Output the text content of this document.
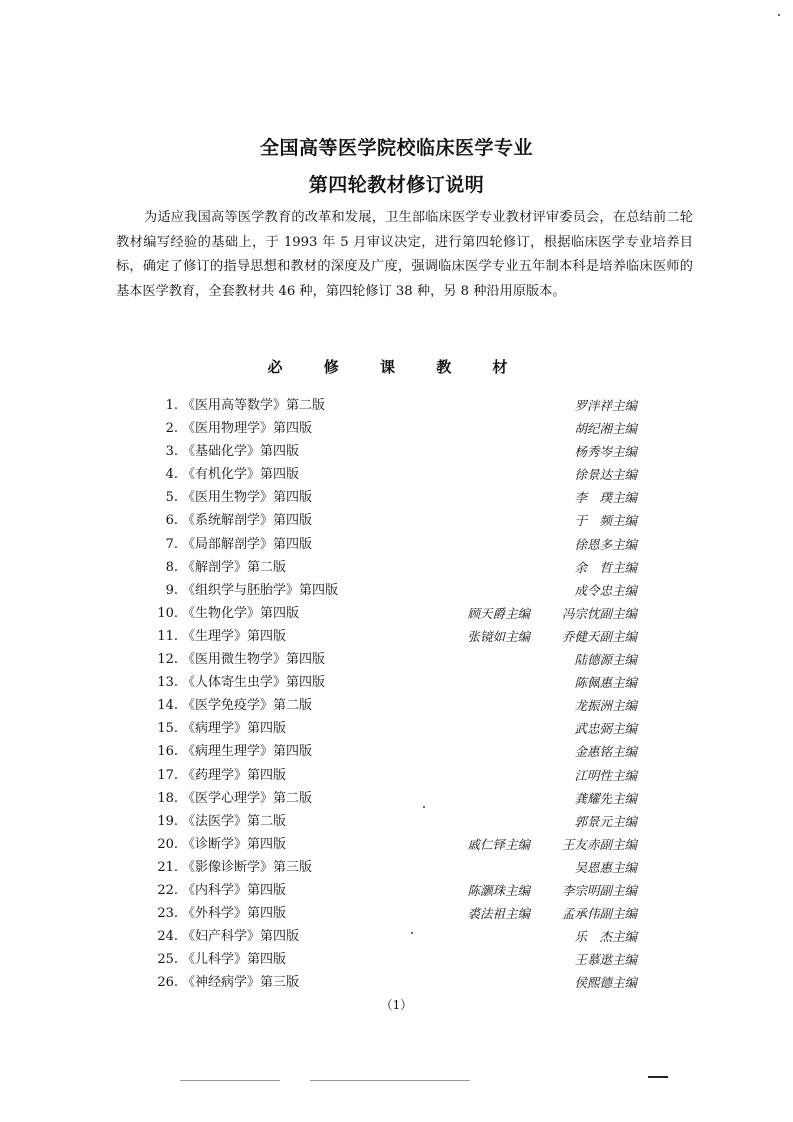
全国高等医学院校临床医学专业
第四轮教材修订说明
为适应我国高等医学教育的改革和发展，卫生部临床医学专业教材评审委员会，在总结前二轮教材编写经验的基础上，于 1993 年 5 月审议决定，进行第四轮修订，根据临床医学专业培养目标，确定了修订的指导思想和教材的深度及广度，强调临床医学专业五年制本科是培养临床医师的基本医学教育，全套教材共 46 种，第四轮修订 38 种，另 8 种沿用原版本。
必 修 课 教 材
1. 《医用高等数学》第二版	罗泮祥主编
2. 《医用物理学》第四版	胡纪湘主编
3. 《基础化学》第四版	杨秀岑主编
4. 《有机化学》第四版	徐景达主编
5. 《医用生物学》第四版	李　璞主编
6. 《系统解剖学》第四版	于　频主编
7. 《局部解剖学》第四版	徐恩多主编
8. 《解剖学》第二版	余　哲主编
9. 《组织学与胚胎学》第四版	成令忠主编
10. 《生物化学》第四版	顾天爵主编	冯宗忱副主编
11. 《生理学》第四版	张镜如主编	乔健天副主编
12. 《医用微生物学》第四版	陆德源主编
13. 《人体寄生虫学》第四版	陈佩惠主编
14. 《医学免疫学》第二版	龙振洲主编
15. 《病理学》第四版	武忠弼主编
16. 《病理生理学》第四版	金惠铭主编
17. 《药理学》第四版	江明性主编
18. 《医学心理学》第二版	龚耀先主编
19. 《法医学》第二版	郭景元主编
20. 《诊断学》第四版	戚仁铎主编	王友赤副主编
21. 《影像诊断学》第三版	吴恩惠主编
22. 《内科学》第四版	陈灏珠主编	李宗明副主编
23. 《外科学》第四版	裘法祖主编	孟承伟副主编
24. 《妇产科学》第四版	乐　杰主编
25. 《儿科学》第四版	王慕逖主编
26. 《神经病学》第三版	侯熙德主编
（1）
